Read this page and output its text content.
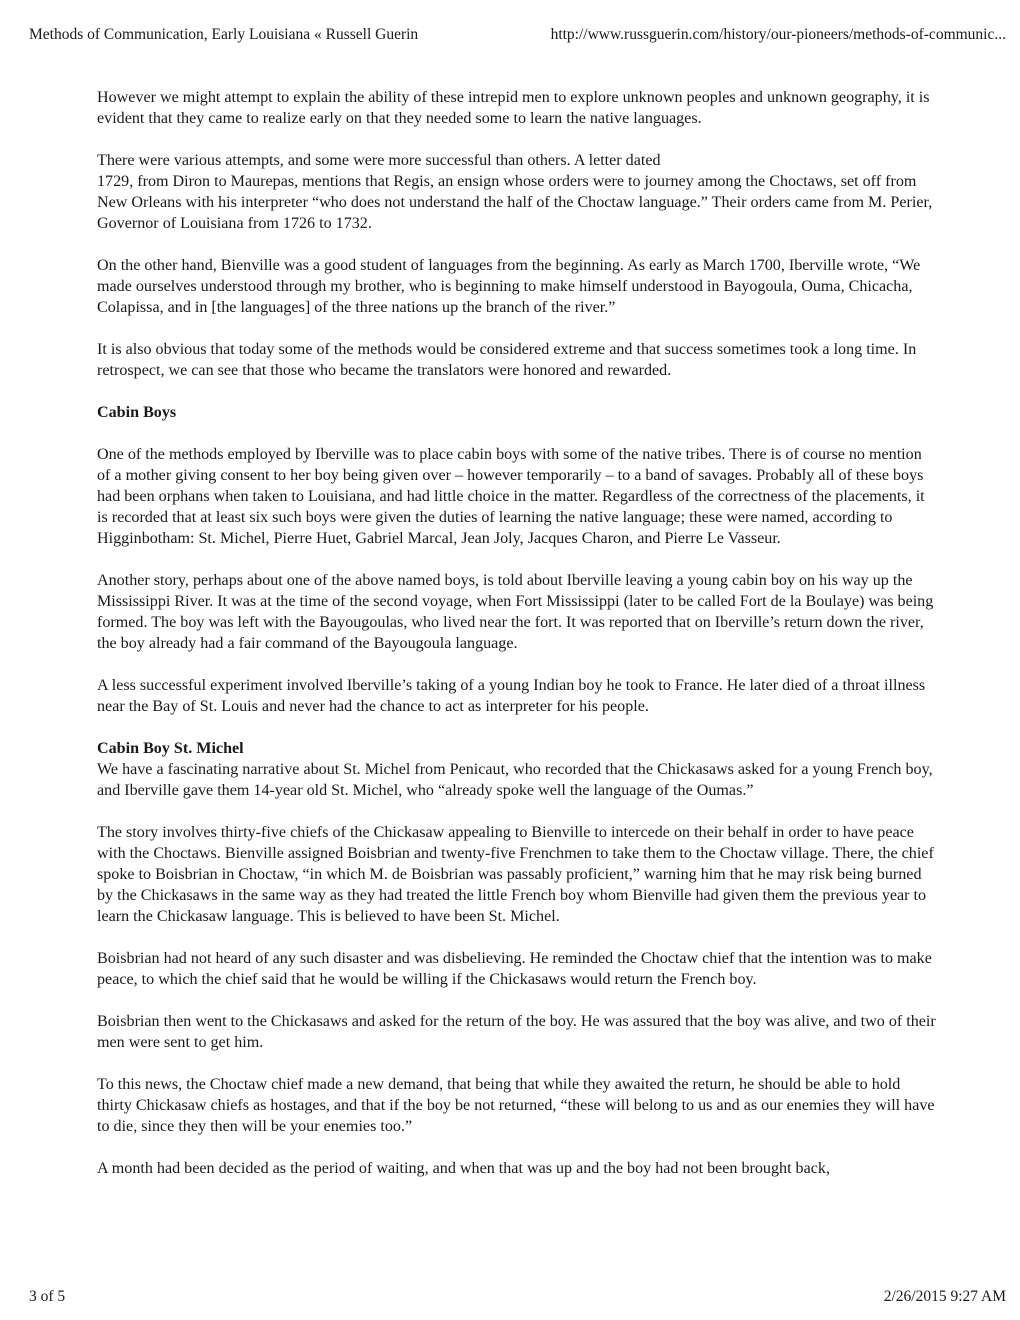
Methods of Communication, Early Louisiana « Russell Guerin	http://www.russguerin.com/history/our-pioneers/methods-of-communic...

However we might attempt to explain the ability of these intrepid men to explore unknown peoples and unknown geography, it is evident that they came to realize early on that they needed some to learn the native languages.

There were various attempts, and some were more successful than others. A letter dated
1729, from Diron to Maurepas, mentions that Regis, an ensign whose orders were to journey among the Choctaws, set off from New Orleans with his interpreter “who does not understand the half of the Choctaw language.” Their orders came from M. Perier, Governor of Louisiana from 1726 to 1732.

On the other hand, Bienville was a good student of languages from the beginning. As early as March 1700, Iberville wrote, “We made ourselves understood through my brother, who is beginning to make himself understood in Bayogoula, Ouma, Chicacha, Colapissa, and in [the languages] of the three nations up the branch of the river.”

It is also obvious that today some of the methods would be considered extreme and that success sometimes took a long time. In retrospect, we can see that those who became the translators were honored and rewarded.

Cabin Boys

One of the methods employed by Iberville was to place cabin boys with some of the native tribes. There is of course no mention of a mother giving consent to her boy being given over – however temporarily – to a band of savages. Probably all of these boys had been orphans when taken to Louisiana, and had little choice in the matter. Regardless of the correctness of the placements, it is recorded that at least six such boys were given the duties of learning the native language; these were named, according to Higginbotham: St. Michel, Pierre Huet, Gabriel Marcal, Jean Joly, Jacques Charon, and Pierre Le Vasseur.

Another story, perhaps about one of the above named boys, is told about Iberville leaving a young cabin boy on his way up the Mississippi River. It was at the time of the second voyage, when Fort Mississippi (later to be called Fort de la Boulaye) was being formed. The boy was left with the Bayougoulas, who lived near the fort. It was reported that on Iberville’s return down the river, the boy already had a fair command of the Bayougoula language.

A less successful experiment involved Iberville’s taking of a young Indian boy he took to France. He later died of a throat illness near the Bay of St. Louis and never had the chance to act as interpreter for his people.

Cabin Boy St. Michel

We have a fascinating narrative about St. Michel from Penicaut, who recorded that the Chickasaws asked for a young French boy, and Iberville gave them 14-year old St. Michel, who “already spoke well the language of the Oumas.”

The story involves thirty-five chiefs of the Chickasaw appealing to Bienville to intercede on their behalf in order to have peace with the Choctaws. Bienville assigned Boisbrian and twenty-five Frenchmen to take them to the Choctaw village. There, the chief spoke to Boisbrian in Choctaw, “in which M. de Boisbrian was passably proficient,” warning him that he may risk being burned by the Chickasaws in the same way as they had treated the little French boy whom Bienville had given them the previous year to learn the Chickasaw language. This is believed to have been St. Michel.

Boisbrian had not heard of any such disaster and was disbelieving. He reminded the Choctaw chief that the intention was to make peace, to which the chief said that he would be willing if the Chickasaws would return the French boy.

Boisbrian then went to the Chickasaws and asked for the return of the boy. He was assured that the boy was alive, and two of their men were sent to get him.

To this news, the Choctaw chief made a new demand, that being that while they awaited the return, he should be able to hold thirty Chickasaw chiefs as hostages, and that if the boy be not returned, “these will belong to us and as our enemies they will have to die, since they then will be your enemies too.”

A month had been decided as the period of waiting, and when that was up and the boy had not been brought back,

3 of 5	2/26/2015 9:27 AM
